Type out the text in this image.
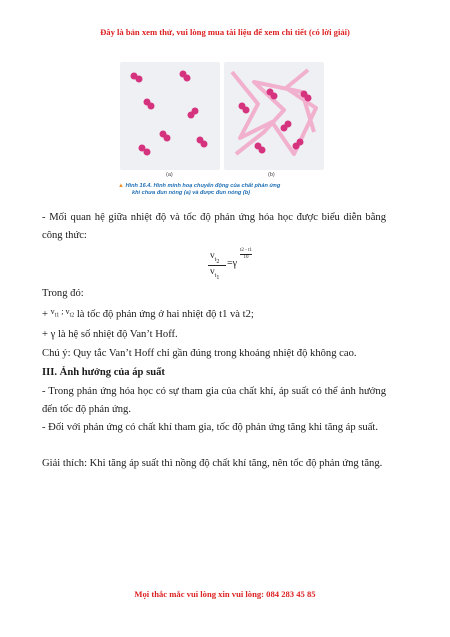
Đây là bản xem thử, vui lòng mua tài liệu để xem chi tiết (có lời giải)
(a)	(b)
▲ Hình 16.4. Hình minh hoạ chuyển động của chất phản ứng
khi chưa đun nóng (a) và được đun nóng (b)
- Mối quan hệ giữa nhiệt độ và tốc độ phản ứng hóa học được biểu diễn bằng công thức:
$v_{t_2}$
$v_{t_1}$
=γ
t2 - t1
10
Trong đó:
+ $^{v_{t1} ; v_{t2}}$ là tốc độ phản ứng ở hai nhiệt độ t1 và t2;
+ γ là hệ số nhiệt độ Van’t Hoff.
Chú ý: Quy tắc Van’t Hoff chỉ gần đúng trong khoảng nhiệt độ không cao.
III. Ảnh hưởng của áp suất
- Trong phản ứng hóa học có sự tham gia của chất khí, áp suất có thể ảnh hưởng đến tốc độ phản ứng.
- Đối với phản ứng có chất khí tham gia, tốc độ phản ứng tăng khi tăng áp suất.
Giải thích: Khi tăng áp suất thì nồng độ chất khí tăng, nên tốc độ phản ứng tăng.
Mọi thắc mắc vui lòng xin vui lòng: 084 283 45 85
